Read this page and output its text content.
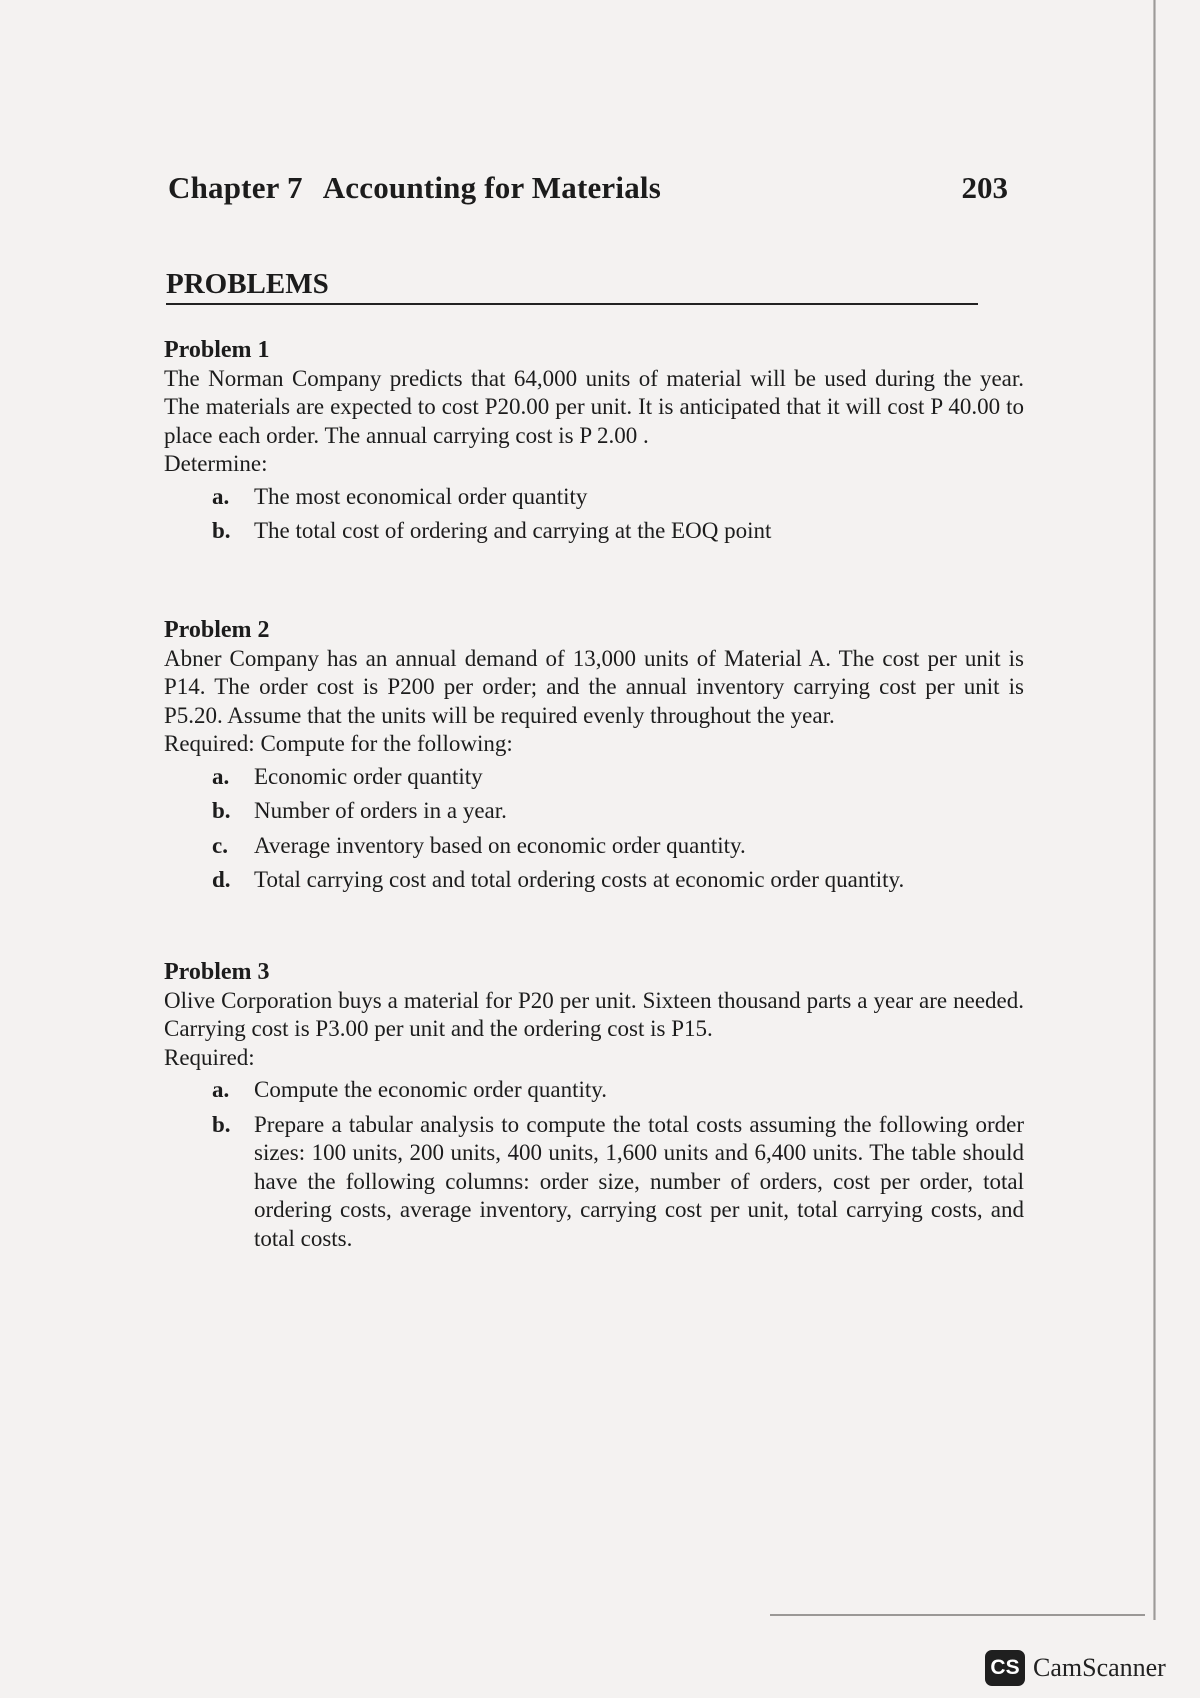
Chapter 7 Accounting for Materials	203
PROBLEMS
Problem 1

The Norman Company predicts that 64,000 units of material will be used during the year. The materials are expected to cost P20.00 per unit. It is anticipated that it will cost P 40.00 to place each order. The annual carrying cost is P 2.00 .

Determine:

a.	The most economical order quantity
b.	The total cost of ordering and carrying at the EOQ point
Problem 2

Abner Company has an annual demand of 13,000 units of Material A. The cost per unit is P14. The order cost is P200 per order; and the annual inventory carrying cost per unit is P5.20. Assume that the units will be required evenly throughout the year.

Required: Compute for the following:

a.	Economic order quantity
b.	Number of orders in a year.
c.	Average inventory based on economic order quantity.
d.	Total carrying cost and total ordering costs at economic order quantity.
Problem 3

Olive Corporation buys a material for P20 per unit. Sixteen thousand parts a year are needed. Carrying cost is P3.00 per unit and the ordering cost is P15.

Required:

a.	Compute the economic order quantity.
b.	Prepare a tabular analysis to compute the total costs assuming the following order sizes: 100 units, 200 units, 400 units, 1,600 units and 6,400 units. The table should have the following columns: order size, number of orders, cost per order, total ordering costs, average inventory, carrying cost per unit, total carrying costs, and total costs.
CS CamScanner
